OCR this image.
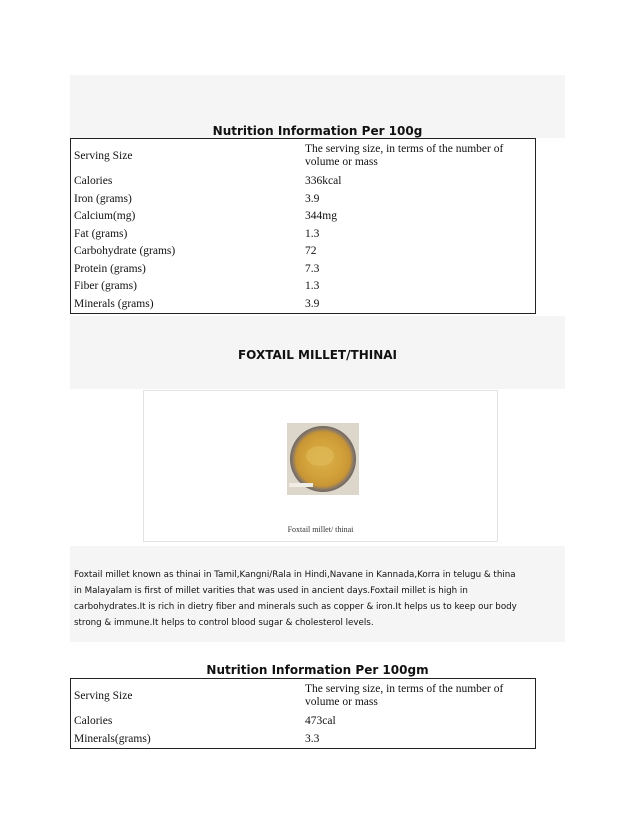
Nutrition Information Per 100g
Serving Size	The serving size, in terms of the number of volume or mass
Calories	336kcal
Iron (grams)	3.9
Calcium(mg)	344mg
Fat (grams)	1.3
Carbohydrate (grams)	72
Protein (grams)	7.3
Fiber (grams)	1.3
Minerals (grams)	3.9
FOXTAIL MILLET/THINAI
Foxtail millet/ thinai

Foxtail millet known as thinai in Tamil,Kangni/Rala in Hindi,Navane in Kannada,Korra in telugu & thina

in Malayalam is first of millet varities that was used in ancient days.Foxtail millet is high in

carbohydrates.It is rich in dietry fiber and minerals such as copper & iron.It helps us to keep our body

strong & immune.It helps to control blood sugar & cholesterol levels.

Nutrition Information Per 100gm
Serving Size	The serving size, in terms of the number of volume or mass
Calories	473cal
Minerals(grams)	3.3
